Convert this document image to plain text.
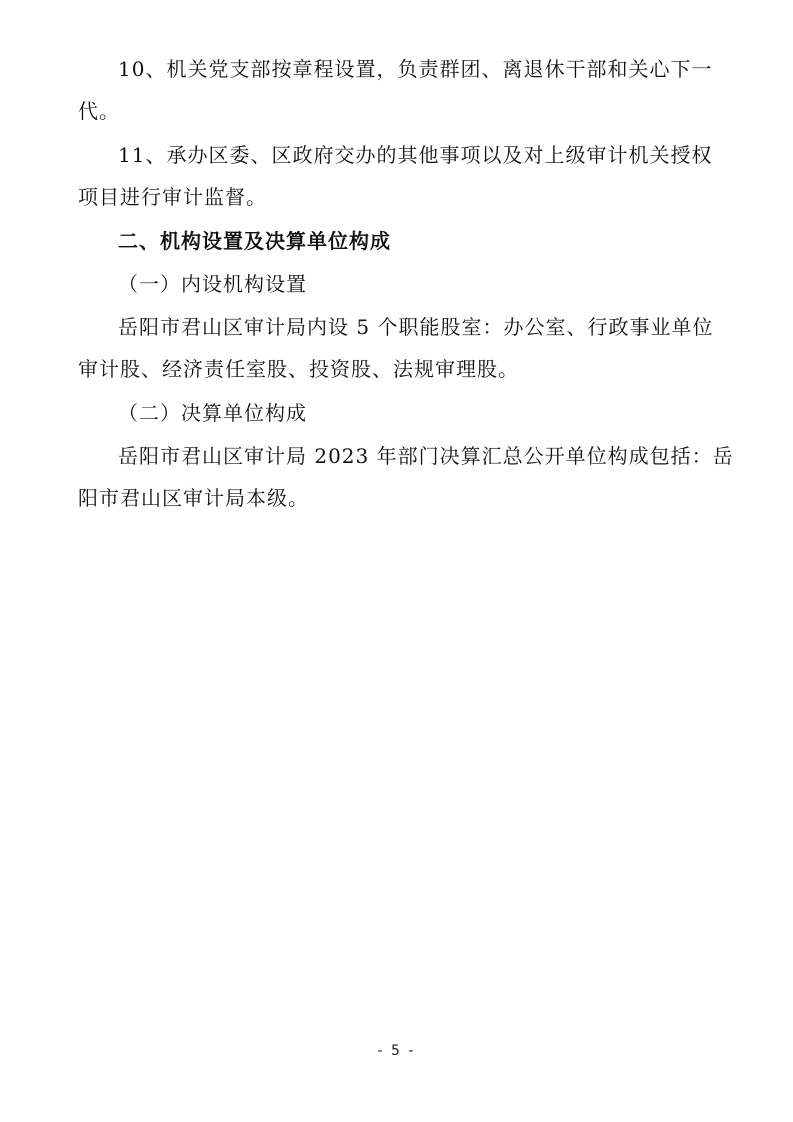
10、机关党支部按章程设置，负责群团、离退休干部和关心下一
代。
11、承办区委、区政府交办的其他事项以及对上级审计机关授权
项目进行审计监督。
二、机构设置及决算单位构成
（一）内设机构设置
岳阳市君山区审计局内设 5 个职能股室：办公室、行政事业单位
审计股、经济责任室股、投资股、法规审理股。
（二）决算单位构成
岳阳市君山区审计局 2023 年部门决算汇总公开单位构成包括：岳
阳市君山区审计局本级。
- 5 -
